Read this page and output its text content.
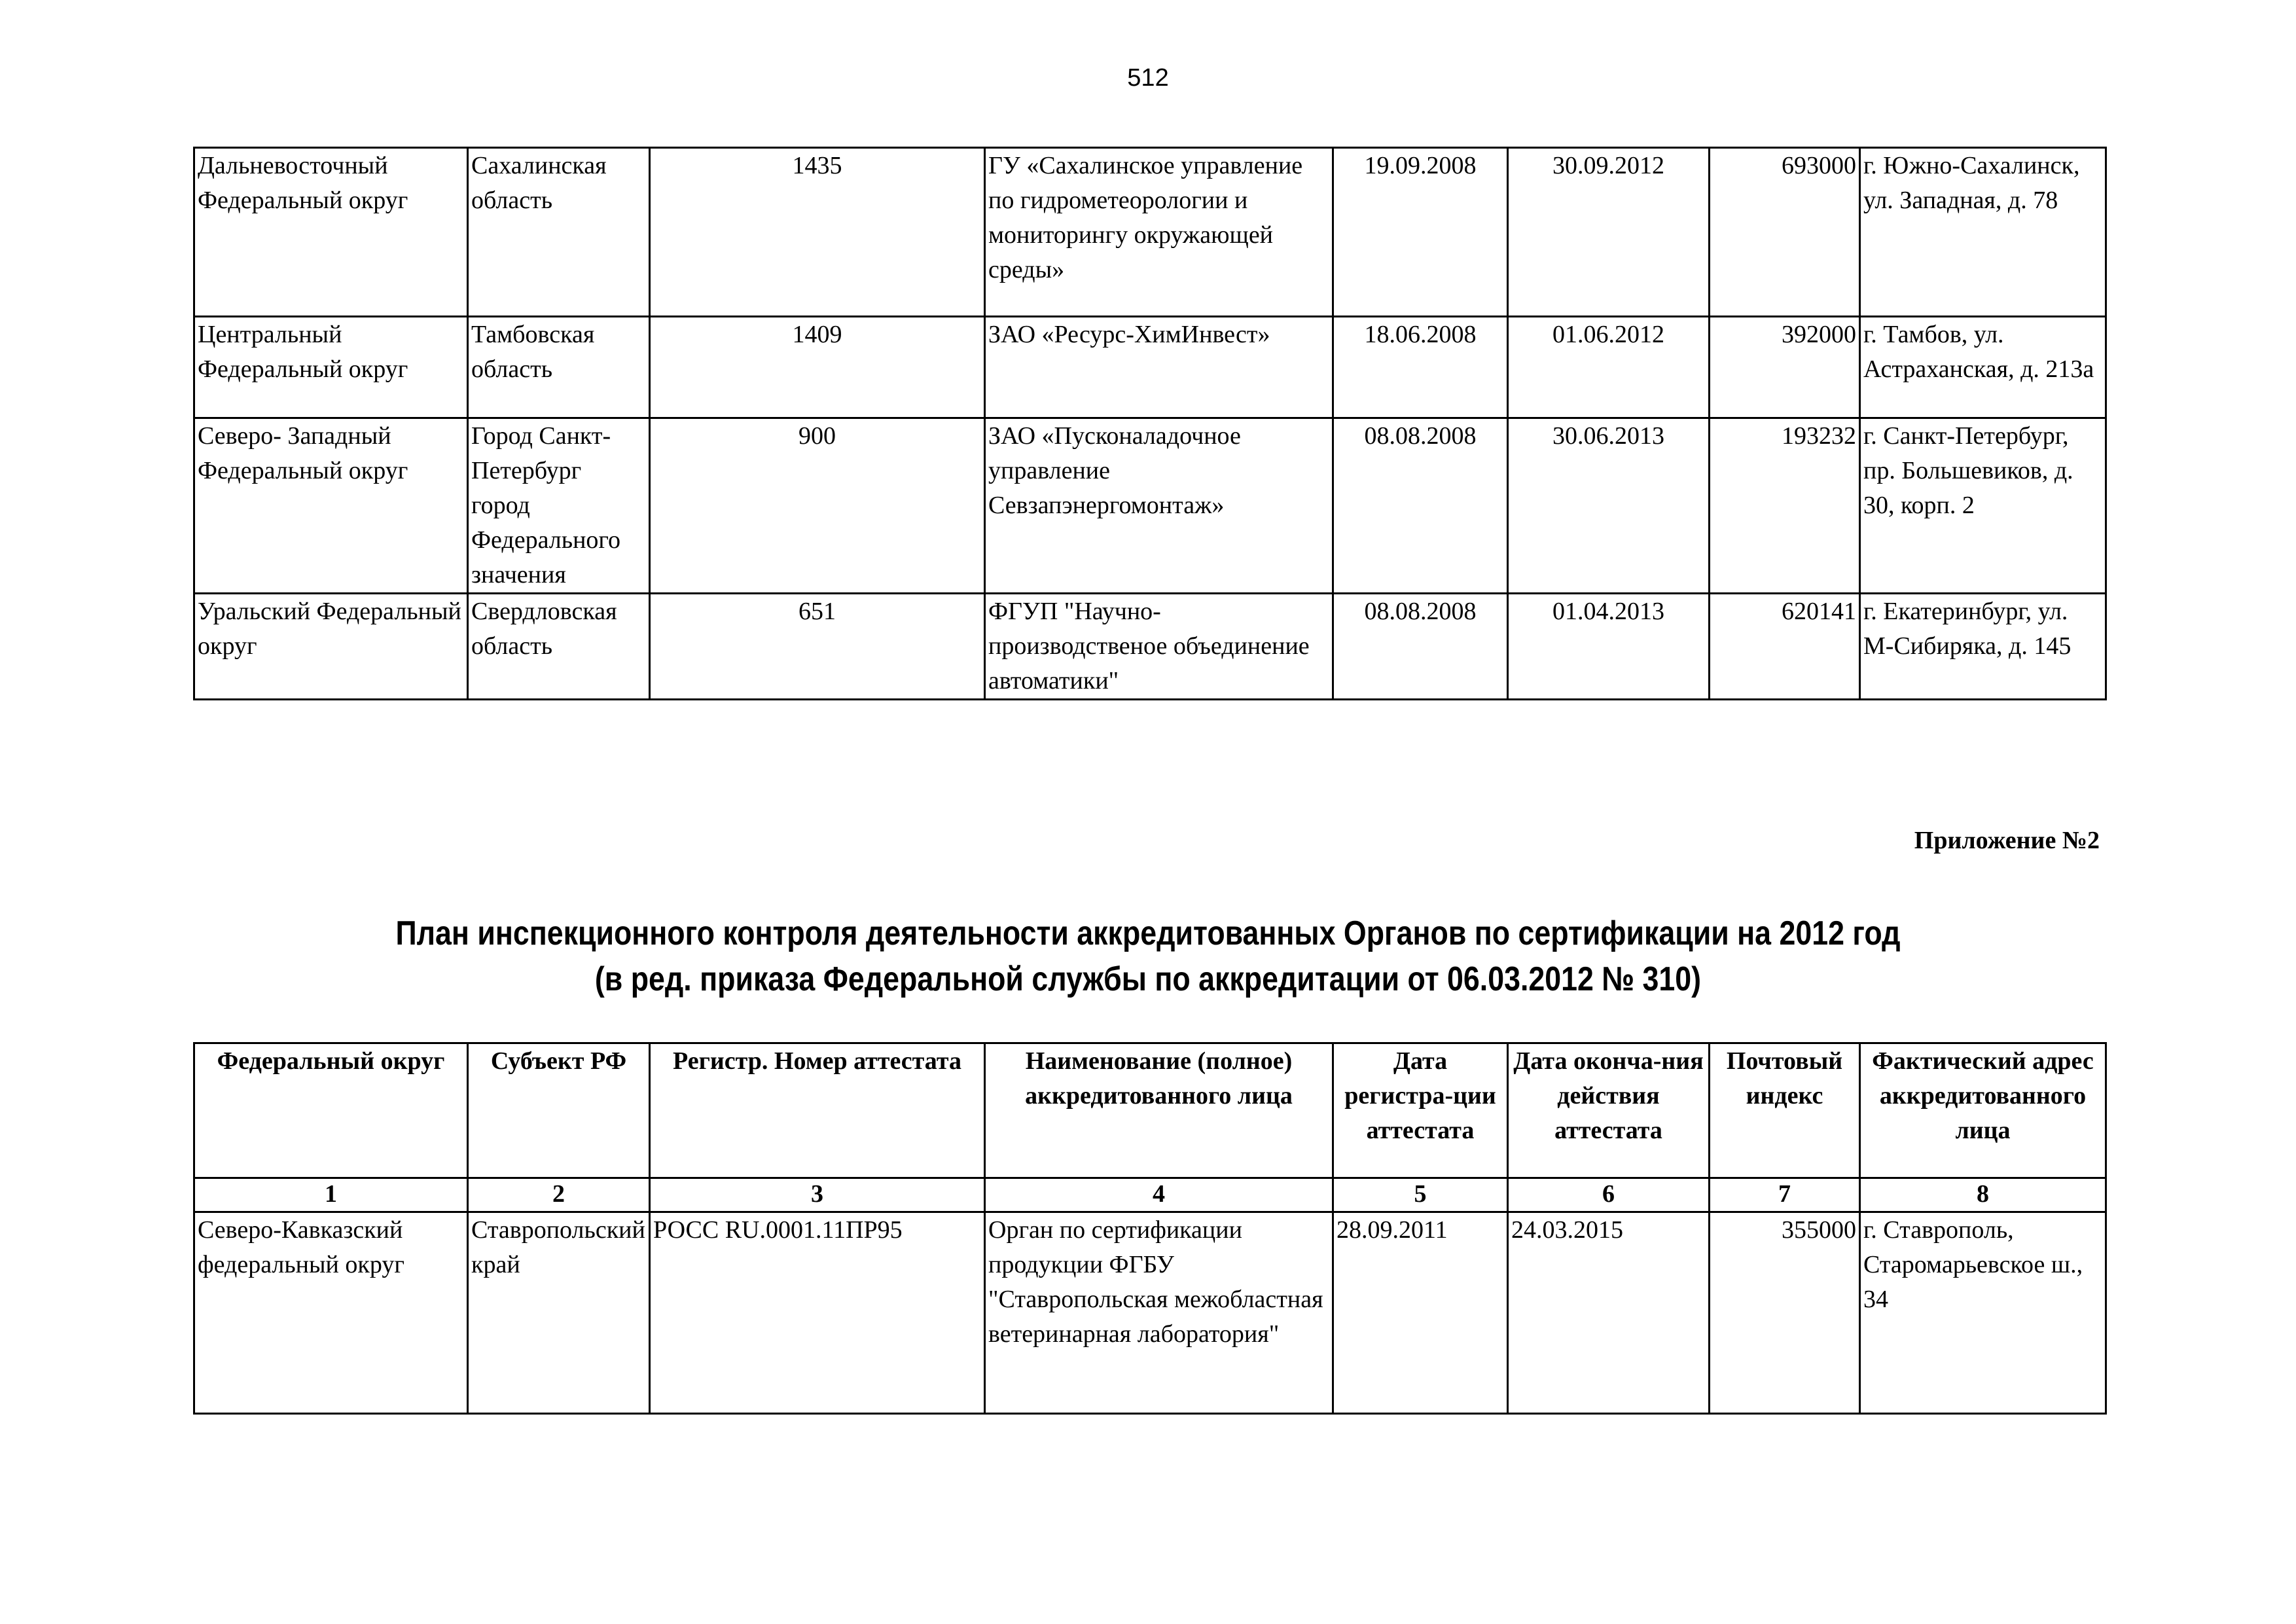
512
Дальневосточный Федеральный округ	Сахалинская область	1435	ГУ «Сахалинское управление по гидрометеорологии и мониторингу окружающей среды»	19.09.2008	30.09.2012	693000	г. Южно-Сахалинск, ул. Западная, д. 78
Центральный Федеральный округ	Тамбовская область	1409	ЗАО «Ресурс-ХимИнвест»	18.06.2008	01.06.2012	392000	г. Тамбов, ул. Астраханская, д. 213а
Северо- Западный Федеральный округ	Город Санкт-Петербург город Федерального значения	900	ЗАО «Пусконаладочное управление Севзапэнергомонтаж»	08.08.2008	30.06.2013	193232	г. Санкт-Петербург, пр. Большевиков, д. 30, корп. 2
Уральский Федеральный округ	Свердловская область	651	ФГУП "Научно-производственое объединение автоматики"	08.08.2008	01.04.2013	620141	г. Екатеринбург, ул. М-Сибиряка, д. 145
Приложение №2
План инспекционного контроля деятельности аккредитованных Органов по сертификации на 2012 год
(в ред. приказа Федеральной службы по аккредитации от 06.03.2012 № 310)
Федеральный округ	Субъект РФ	Регистр. Номер аттестата	Наименование (полное) аккредитованного лица	Дата регистра-ции аттестата	Дата оконча-ния действия аттестата	Почтовый индекс	Фактический адрес аккредитованного лица
1	2	3	4	5	6	7	8
Северо-Кавказский федеральный округ	Ставропольский край	РОСС RU.0001.11ПР95	Орган по сертификации продукции ФГБУ "Ставропольская межобластная ветеринарная лаборатория"	28.09.2011	24.03.2015	355000	г. Ставрополь, Старомарьевское ш., 34
